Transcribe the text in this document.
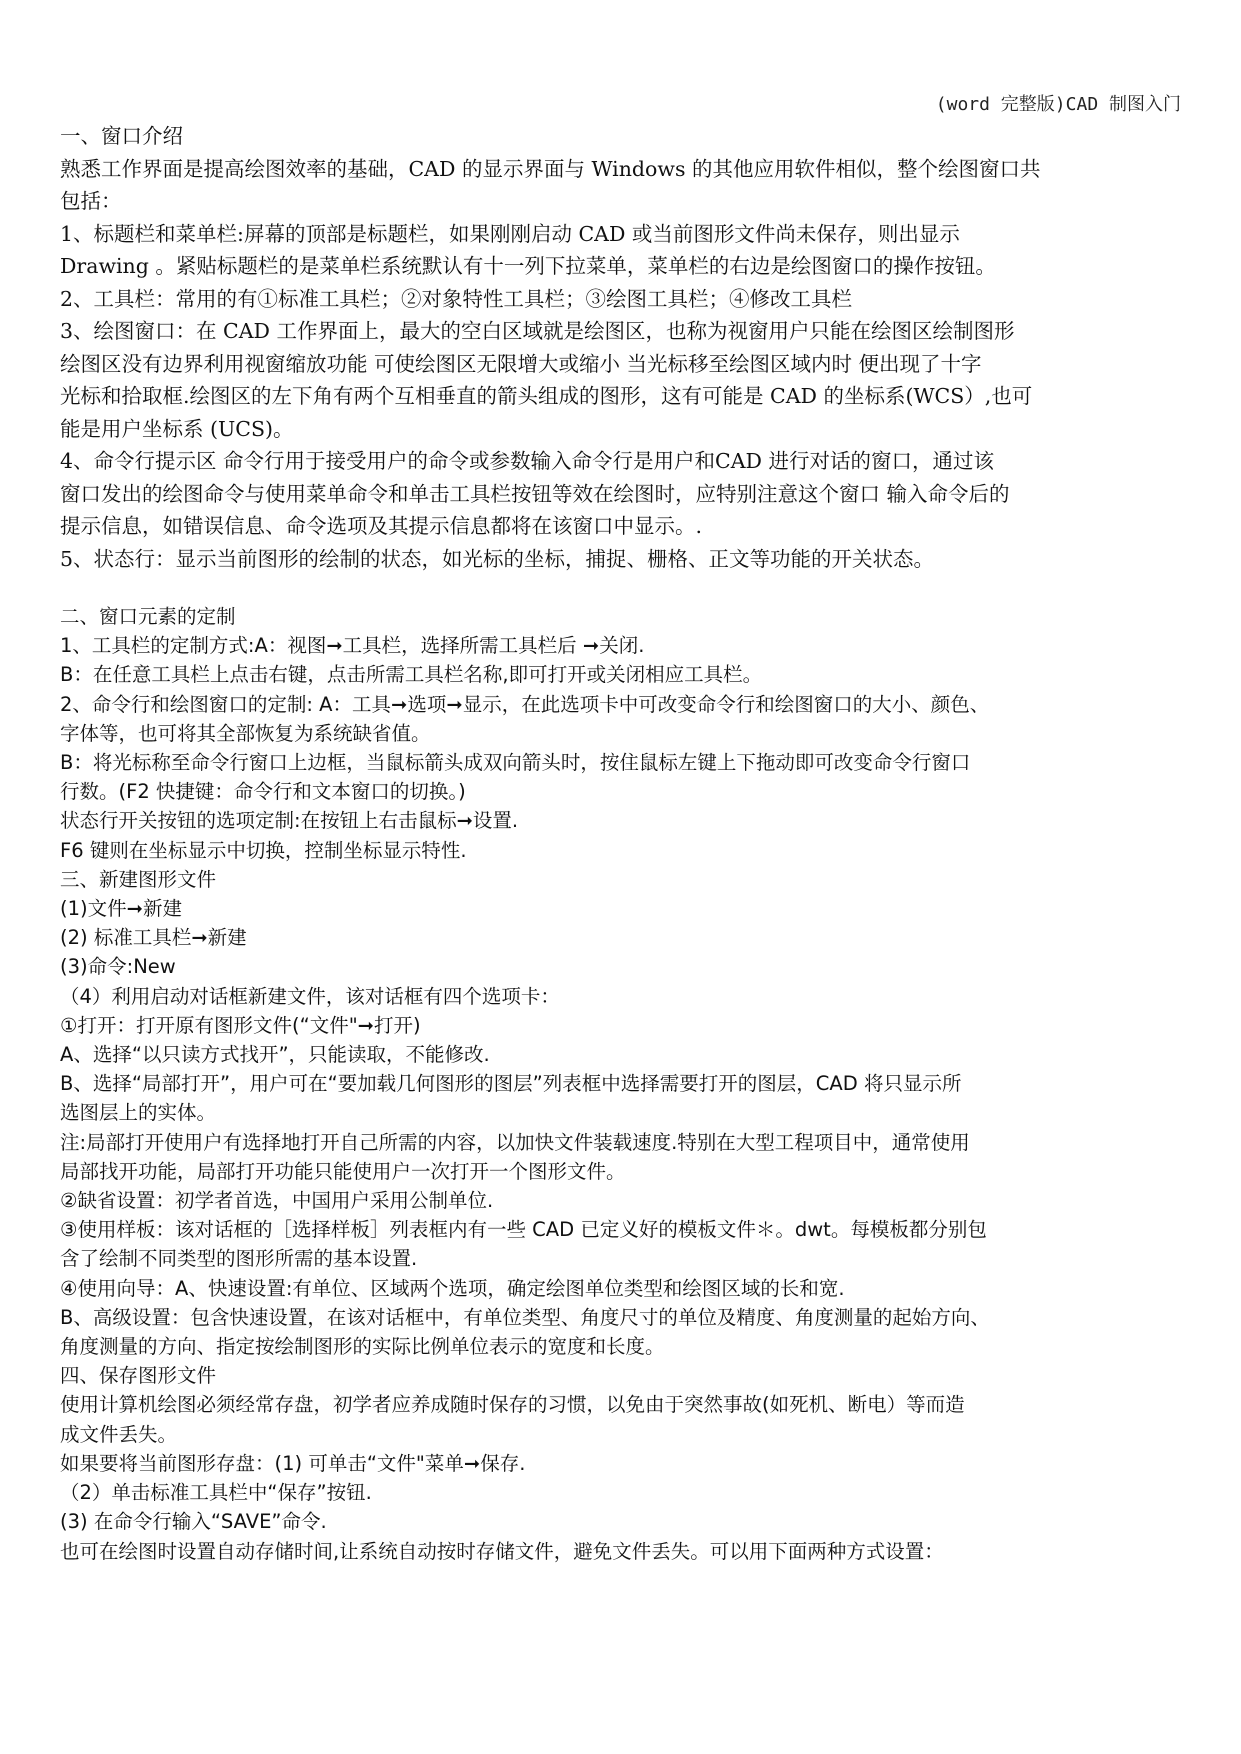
(word 完整版)CAD 制图入门
一、窗口介绍
熟悉工作界面是提高绘图效率的基础，CAD 的显示界面与 Windows 的其他应用软件相似，整个绘图窗口共
包括：
1、标题栏和菜单栏:屏幕的顶部是标题栏，如果刚刚启动 CAD 或当前图形文件尚未保存，则出显示
Drawing 。紧贴标题栏的是菜单栏系统默认有十一列下拉菜单，菜单栏的右边是绘图窗口的操作按钮。
2、工具栏：常用的有①标准工具栏；②对象特性工具栏；③绘图工具栏；④修改工具栏
3、绘图窗口：在 CAD 工作界面上，最大的空白区域就是绘图区，也称为视窗用户只能在绘图区绘制图形
绘图区没有边界利用视窗缩放功能 可使绘图区无限增大或缩小 当光标移至绘图区域内时 便出现了十字
光标和拾取框.绘图区的左下角有两个互相垂直的箭头组成的图形，这有可能是 CAD 的坐标系(WCS）,也可
能是用户坐标系 (UCS)。
4、命令行提示区 命令行用于接受用户的命令或参数输入命令行是用户和CAD 进行对话的窗口，通过该
窗口发出的绘图命令与使用菜单命令和单击工具栏按钮等效在绘图时，应特别注意这个窗口 输入命令后的
提示信息，如错误信息、命令选项及其提示信息都将在该窗口中显示。.
5、状态行：显示当前图形的绘制的状态，如光标的坐标，捕捉、栅格、正文等功能的开关状态。
二、窗口元素的定制
1、工具栏的定制方式:A：视图➞工具栏，选择所需工具栏后 ➞关闭.
B：在任意工具栏上点击右键，点击所需工具栏名称,即可打开或关闭相应工具栏。
2、命令行和绘图窗口的定制: A：工具➞选项➞显示，在此选项卡中可改变命令行和绘图窗口的大小、颜色、
字体等，也可将其全部恢复为系统缺省值。
B：将光标称至命令行窗口上边框，当鼠标箭头成双向箭头时，按住鼠标左键上下拖动即可改变命令行窗口
行数。(F2 快捷键：命令行和文本窗口的切换。)
状态行开关按钮的选项定制:在按钮上右击鼠标➞设置.
F6 键则在坐标显示中切换，控制坐标显示特性.
三、新建图形文件
(1)文件➞新建
(2) 标准工具栏➞新建
(3)命令:New
（4）利用启动对话框新建文件，该对话框有四个选项卡：
①打开：打开原有图形文件(“文件"➞打开)
A、选择“以只读方式找开”，只能读取，不能修改.
B、选择“局部打开”，用户可在“要加载几何图形的图层”列表框中选择需要打开的图层，CAD 将只显示所
选图层上的实体。
注:局部打开使用户有选择地打开自己所需的内容，以加快文件装载速度.特别在大型工程项目中，通常使用
局部找开功能，局部打开功能只能使用户一次打开一个图形文件。
②缺省设置：初学者首选，中国用户采用公制单位.
③使用样板：该对话框的［选择样板］列表框内有一些 CAD 已定义好的模板文件＊。dwt。每模板都分别包
含了绘制不同类型的图形所需的基本设置.
④使用向导：A、快速设置:有单位、区域两个选项，确定绘图单位类型和绘图区域的长和宽.
B、高级设置：包含快速设置，在该对话框中，有单位类型、角度尺寸的单位及精度、角度测量的起始方向、
角度测量的方向、指定按绘制图形的实际比例单位表示的宽度和长度。
四、保存图形文件
使用计算机绘图必须经常存盘，初学者应养成随时保存的习惯，以免由于突然事故(如死机、断电）等而造
成文件丢失。
如果要将当前图形存盘：(1) 可单击“文件"菜单➞保存.
（2）单击标准工具栏中“保存”按钮.
(3) 在命令行输入“SAVE”命令.
也可在绘图时设置自动存储时间,让系统自动按时存储文件，避免文件丢失。可以用下面两种方式设置：
